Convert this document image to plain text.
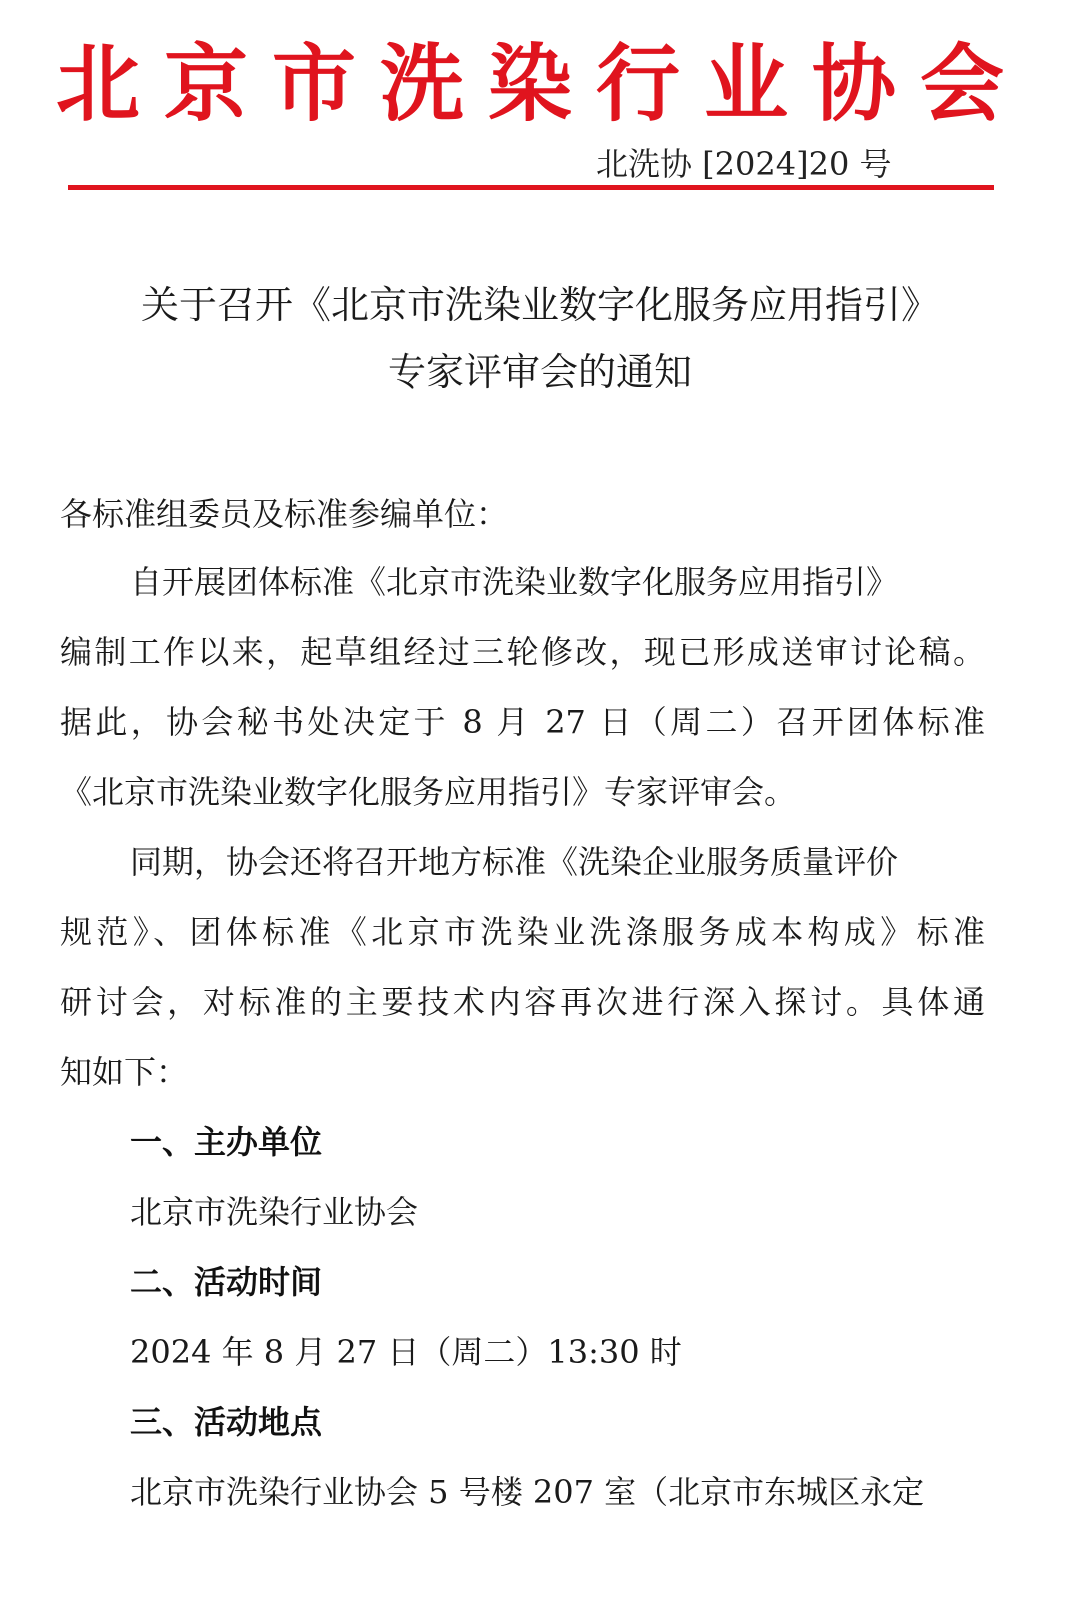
北京市洗染行业协会
北洗协 [2024]20 号
关于召开《北京市洗染业数字化服务应用指引》
专家评审会的通知
各标准组委员及标准参编单位：
自开展团体标准《北京市洗染业数字化服务应用指引》
编制工作以来，起草组经过三轮修改，现已形成送审讨论稿。
据此，协会秘书处决定于 8 月 27 日（周二）召开团体标准
《北京市洗染业数字化服务应用指引》专家评审会。
同期，协会还将召开地方标准《洗染企业服务质量评价
规范》、团体标准《北京市洗染业洗涤服务成本构成》标准
研讨会，对标准的主要技术内容再次进行深入探讨。具体通
知如下：
一、主办单位
北京市洗染行业协会
二、活动时间
2024 年 8 月 27 日（周二）13:30 时
三、活动地点
北京市洗染行业协会 5 号楼 207 室（北京市东城区永定
